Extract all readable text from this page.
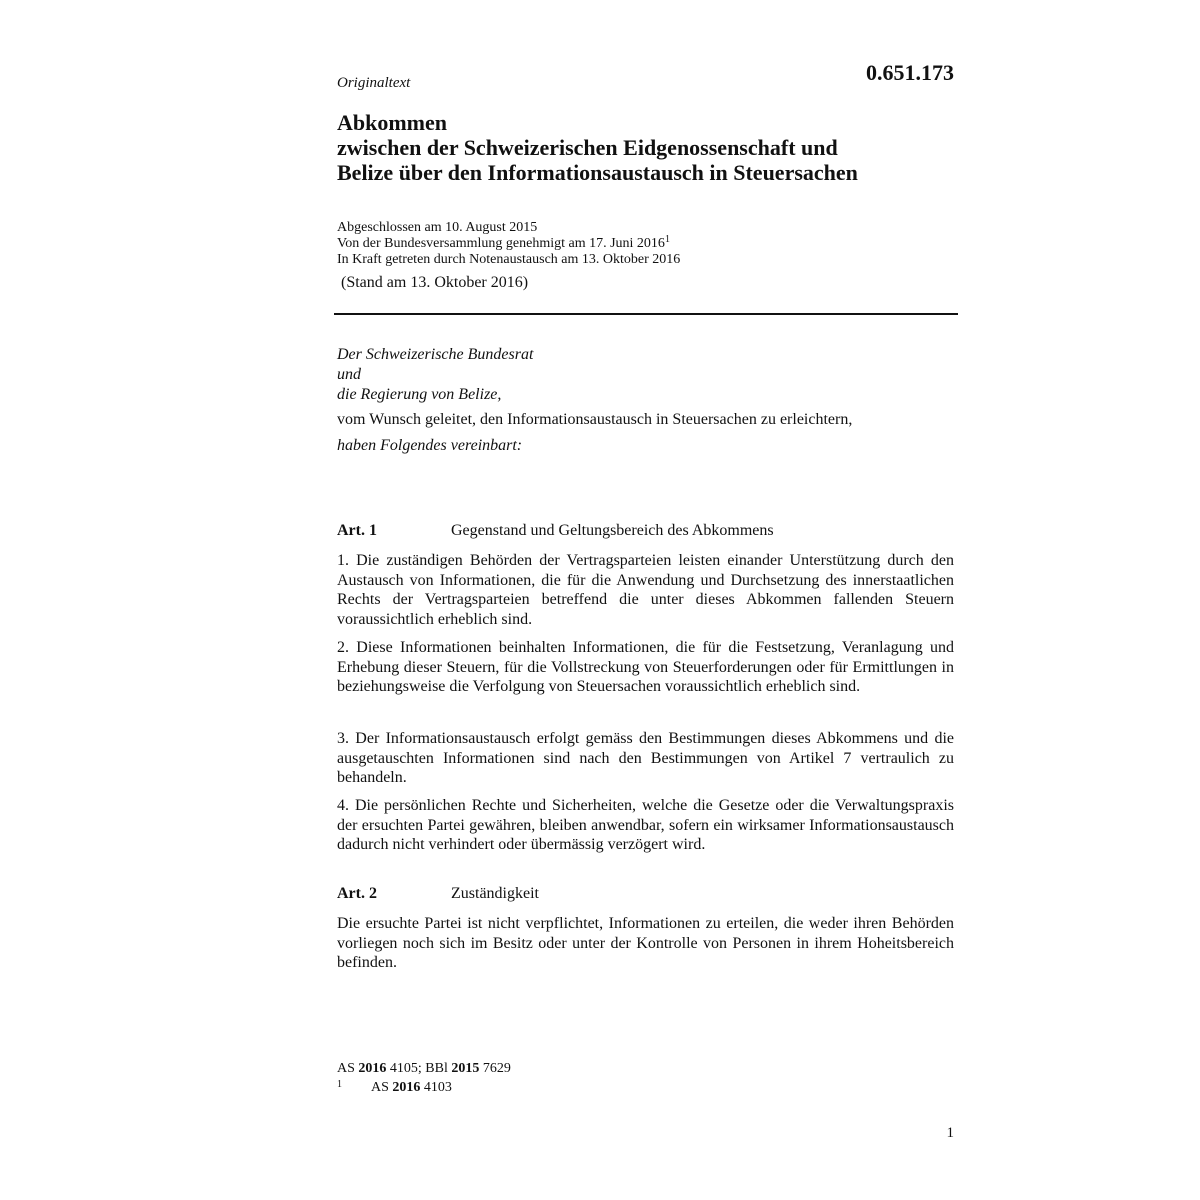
Originaltext	0.651.173
Abkommen
zwischen der Schweizerischen Eidgenossenschaft und
Belize über den Informationsaustausch in Steuersachen
Abgeschlossen am 10. August 2015
Von der Bundesversammlung genehmigt am 17. Juni 2016$^1$
In Kraft getreten durch Notenaustausch am 13. Oktober 2016
(Stand am 13. Oktober 2016)
Der Schweizerische Bundesrat
und
die Regierung von Belize,
vom Wunsch geleitet, den Informationsaustausch in Steuersachen zu erleichtern,
haben Folgendes vereinbart:
Art. 1	Gegenstand und Geltungsbereich des Abkommens
1. Die zuständigen Behörden der Vertragsparteien leisten einander Unterstützung durch den Austausch von Informationen, die für die Anwendung und Durchsetzung des innerstaatlichen Rechts der Vertragsparteien betreffend die unter dieses Abkommen fallenden Steuern voraussichtlich erheblich sind.
2. Diese Informationen beinhalten Informationen, die für die Festsetzung, Veranlagung und Erhebung dieser Steuern, für die Vollstreckung von Steuerforderungen oder für Ermittlungen in beziehungsweise die Verfolgung von Steuersachen voraussichtlich erheblich sind.
3. Der Informationsaustausch erfolgt gemäss den Bestimmungen dieses Abkommens und die ausgetauschten Informationen sind nach den Bestimmungen von Artikel 7 vertraulich zu behandeln.
4. Die persönlichen Rechte und Sicherheiten, welche die Gesetze oder die Verwaltungspraxis der ersuchten Partei gewähren, bleiben anwendbar, sofern ein wirksamer Informationsaustausch dadurch nicht verhindert oder übermässig verzögert wird.
Art. 2	Zuständigkeit
Die ersuchte Partei ist nicht verpflichtet, Informationen zu erteilen, die weder ihren Behörden vorliegen noch sich im Besitz oder unter der Kontrolle von Personen in ihrem Hoheitsbereich befinden.
AS 2016 4105; BBl 2015 7629
1 AS 2016 4103
1
